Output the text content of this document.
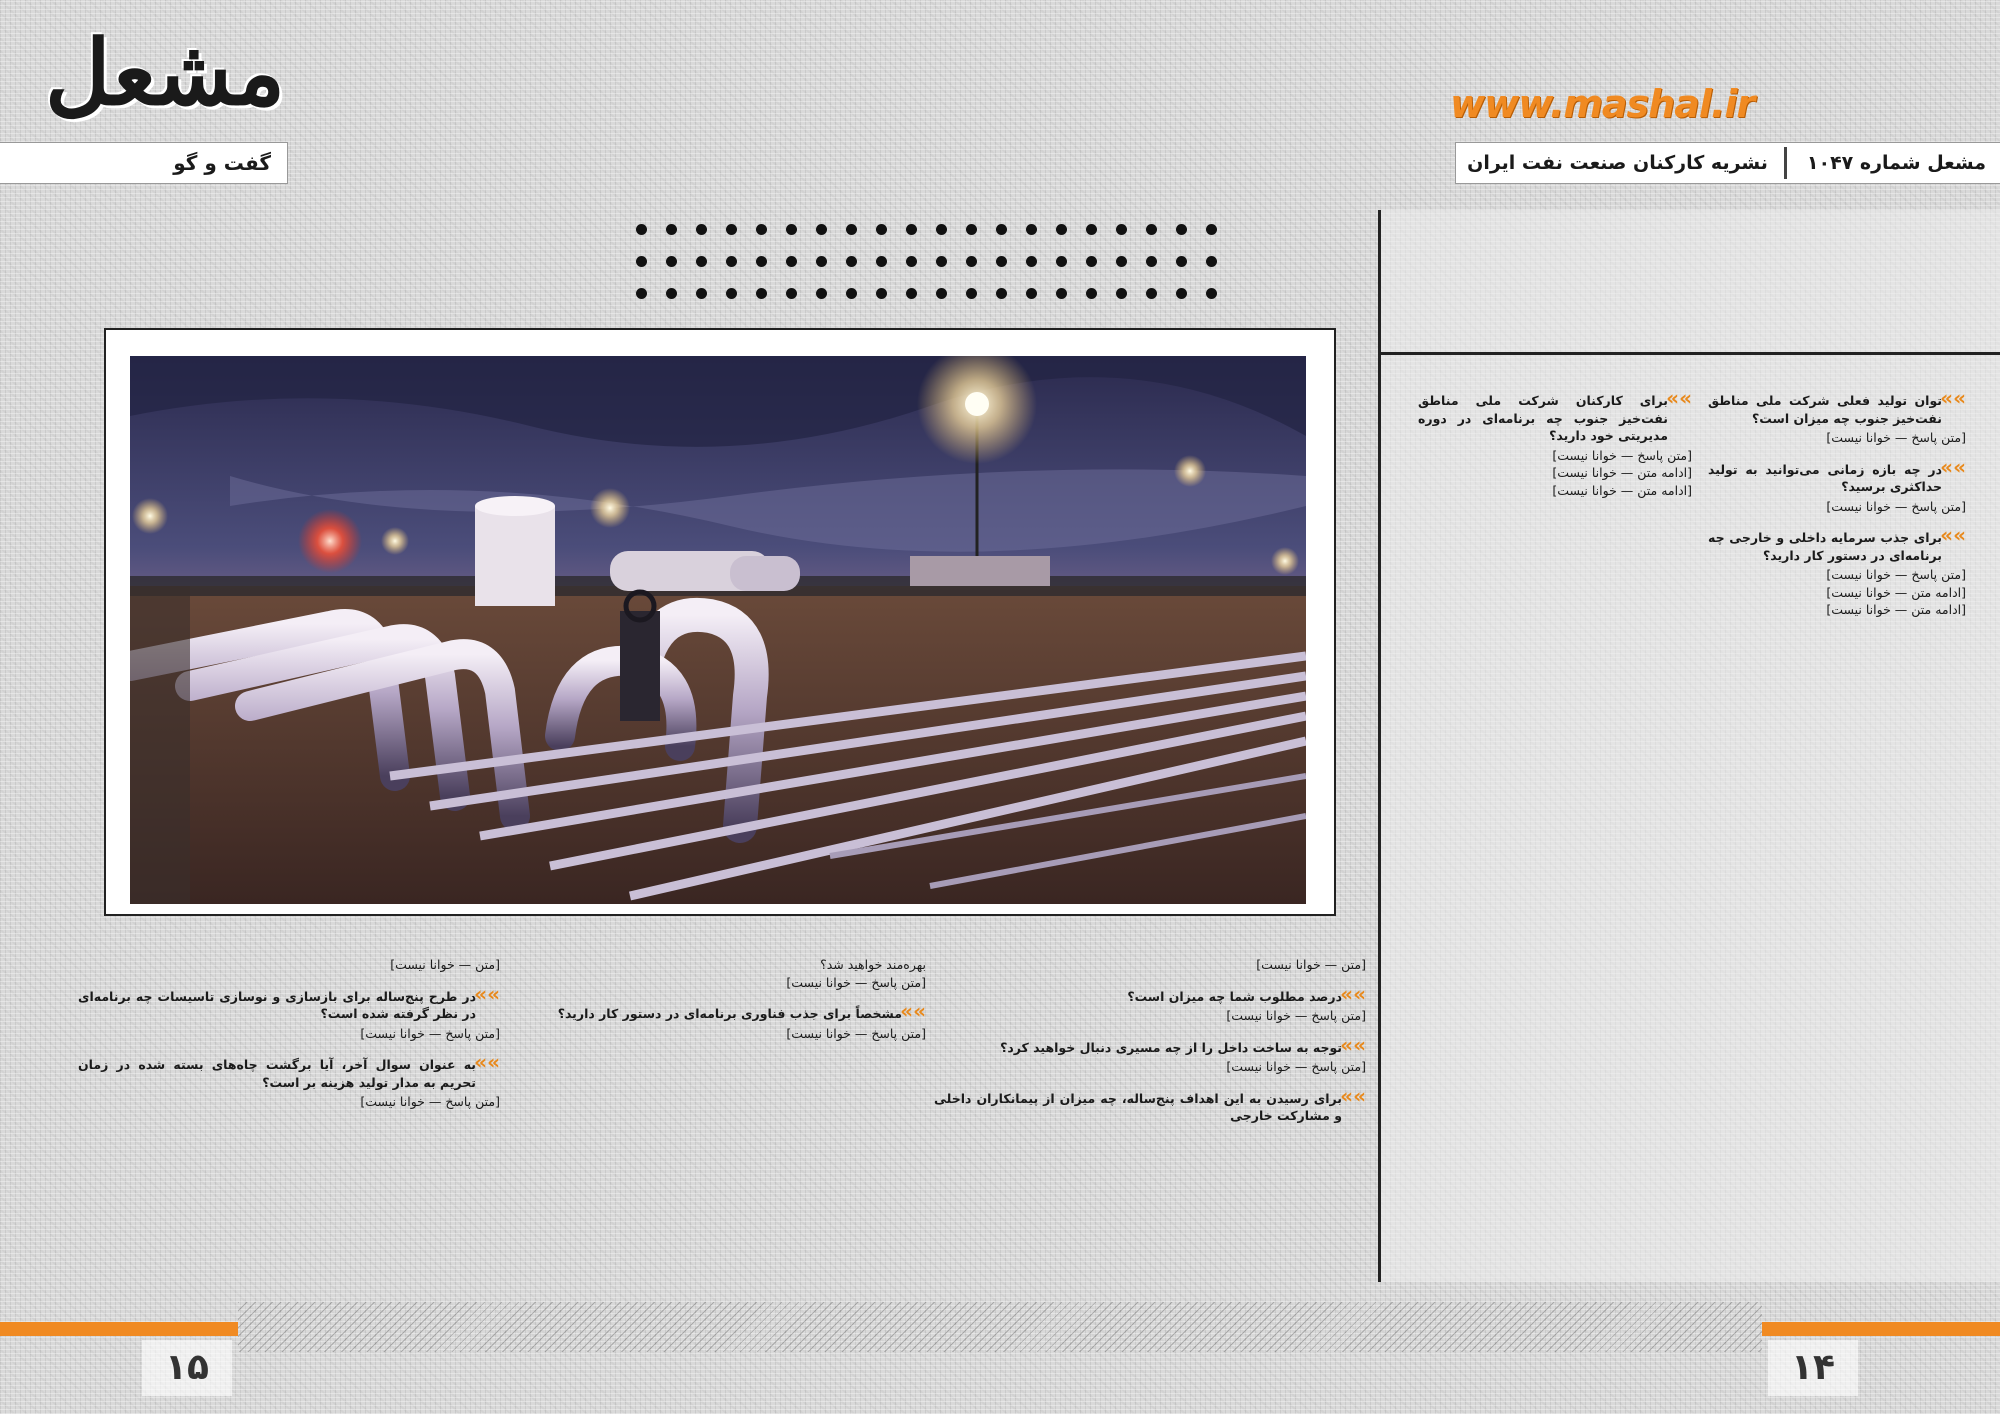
مشعل
گفت و گو
www.mashal.ir
مشعل شماره ۱۰۴۷
نشریه کارکنان صنعت نفت ایران
»» توان تولید فعلی شرکت ملی مناطق نفت‌خیز جنوب چه میزان است؟
[متن پاسخ — خوانا نیست]
»» در چه بازه زمانی می‌توانید به تولید حداکثری برسید؟
[متن پاسخ — خوانا نیست]
»» برای جذب سرمایه داخلی و خارجی چه برنامه‌ای در دستور کار دارید؟
[متن پاسخ — خوانا نیست]
[ادامه متن — خوانا نیست]
[ادامه متن — خوانا نیست]
»» برای کارکنان شرکت ملی مناطق نفت‌خیز جنوب چه برنامه‌ای در دوره مدیریتی خود دارید؟
[متن پاسخ — خوانا نیست]
[ادامه متن — خوانا نیست]
[ادامه متن — خوانا نیست]
[متن — خوانا نیست]
»» درصد مطلوب شما چه میزان است؟
[متن پاسخ — خوانا نیست]
»» توجه به ساخت داخل را از چه مسیری دنبال خواهید کرد؟
[متن پاسخ — خوانا نیست]
»» برای رسیدن به این اهداف پنج‌ساله، چه میزان از پیمانکاران داخلی و مشارکت خارجی
بهره‌مند خواهید شد؟
[متن پاسخ — خوانا نیست]
»» مشخصاً برای جذب فناوری برنامه‌ای در دستور کار دارید؟
[متن پاسخ — خوانا نیست]
[متن — خوانا نیست]
»» در طرح پنج‌ساله برای بازسازی و نوسازی تاسیسات چه برنامه‌ای در نظر گرفته شده است؟
[متن پاسخ — خوانا نیست]
»» به عنوان سوال آخر، آیا برگشت چاه‌های بسته شده در زمان تحریم به مدار تولید هزینه بر است؟
[متن پاسخ — خوانا نیست]
۱۵	۱۴
